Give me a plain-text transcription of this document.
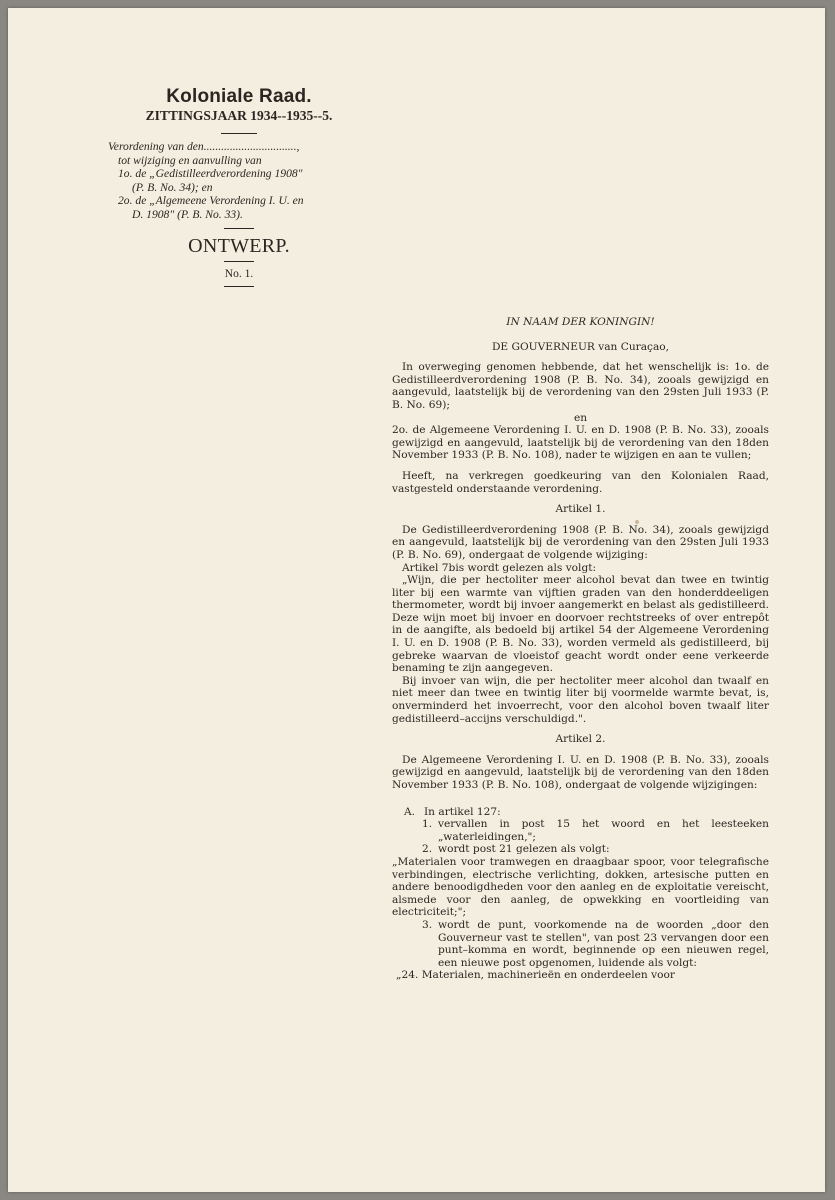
Koloniale Raad.

ZITTINGSJAAR 1934--1935--5.

Verordening van den................................,
tot wijziging en aanvulling van
1o. de „Gedistilleerdverordening 1908"
(P. B. No. 34); en
2o. de „Algemeene Verordening I. U. en
D. 1908" (P. B. No. 33).

ONTWERP.

No. 1.

IN NAAM DER KONINGIN!

DE GOUVERNEUR van Curaçao,

In overweging genomen hebbende, dat het wenschelijk is: 1o. de Gedistilleerdverordening 1908 (P. B. No. 34), zooals gewijzigd en aangevuld, laatstelijk bij de verordening van den 29sten Juli 1933 (P. B. No. 69);

en

2o. de Algemeene Verordening I. U. en D. 1908 (P. B. No. 33), zooals gewijzigd en aangevuld, laatstelijk bij de verordening van den 18den November 1933 (P. B. No. 108), nader te wijzigen en aan te vullen;

Heeft, na verkregen goedkeuring van den Kolonialen Raad, vastgesteld onderstaande verordening.

Artikel 1.

De Gedistilleerdverordening 1908 (P. B. No. 34), zooals gewijzigd en aangevuld, laatstelijk bij de verordening van den 29sten Juli 1933 (P. B. No. 69), ondergaat de volgende wijziging:

Artikel 7bis wordt gelezen als volgt:

„Wijn, die per hectoliter meer alcohol bevat dan twee en twintig liter bij een warmte van vijftien graden van den honderddeeligen thermometer, wordt bij invoer aangemerkt en belast als gedistilleerd. Deze wijn moet bij invoer en doorvoer rechtstreeks of over entrepôt in de aangifte, als bedoeld bij artikel 54 der Algemeene Verordening I. U. en D. 1908 (P. B. No. 33), worden vermeld als gedistilleerd, bij gebreke waarvan de vloeistof geacht wordt onder eene verkeerde benaming te zijn aangegeven.

Bij invoer van wijn, die per hectoliter meer alcohol dan twaalf en niet meer dan twee en twintig liter bij voormelde warmte bevat, is, onverminderd het invoerrecht, voor den alcohol boven twaalf liter gedistilleerd–accijns verschuldigd.".

Artikel 2.

De Algemeene Verordening I. U. en D. 1908 (P. B. No. 33), zooals gewijzigd en aangevuld, laatstelijk bij de verordening van den 18den November 1933 (P. B. No. 108), ondergaat de volgende wijzigingen:

A. In artikel 127:
1. vervallen in post 15 het woord en het leesteeken „waterleidingen,";
2. wordt post 21 gelezen als volgt:

„Materialen voor tramwegen en draagbaar spoor, voor telegrafische verbindingen, electrische verlichting, dokken, artesische putten en andere benoodigdheden voor den aanleg en de exploitatie vereischt, alsmede voor den aanleg, de opwekking en voortleiding van electriciteit;";

3. wordt de punt, voorkomende na de woorden „door den Gouverneur vast te stellen", van post 23 vervangen door een punt–komma en wordt, beginnende op een nieuwen regel, een nieuwe post opgenomen, luidende als volgt:

„24. Materialen, machinerieën en onderdeelen voor
